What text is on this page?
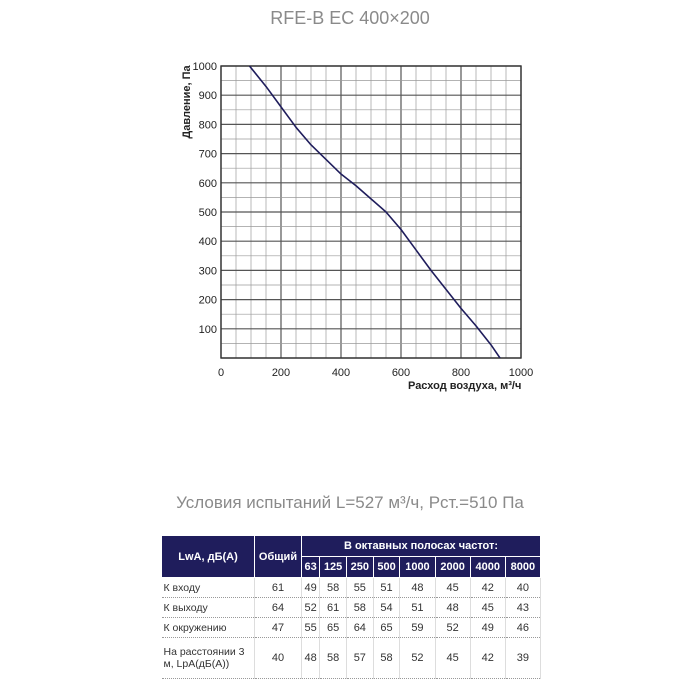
RFE-B EC 400×200
0	200	400	600	800	1000
100
200
300
400
500
600
700
800
900
1000
Давление, Па
Расход воздуха, м³/ч
Условия испытаний L=527 м³/ч, Pст.=510 Па
LwA, дБ(А)	Общий	В октавных полосах частот:							
		63	125	250	500	1000	2000	4000	8000
К входу	61	49	58	55	51	48	45	42	40
К выходу	64	52	61	58	54	51	48	45	43
К окружению	47	55	65	64	65	59	52	49	46
На расстоянии 3 м, LpA(дБ(А))	40	48	58	57	58	52	45	42	39
